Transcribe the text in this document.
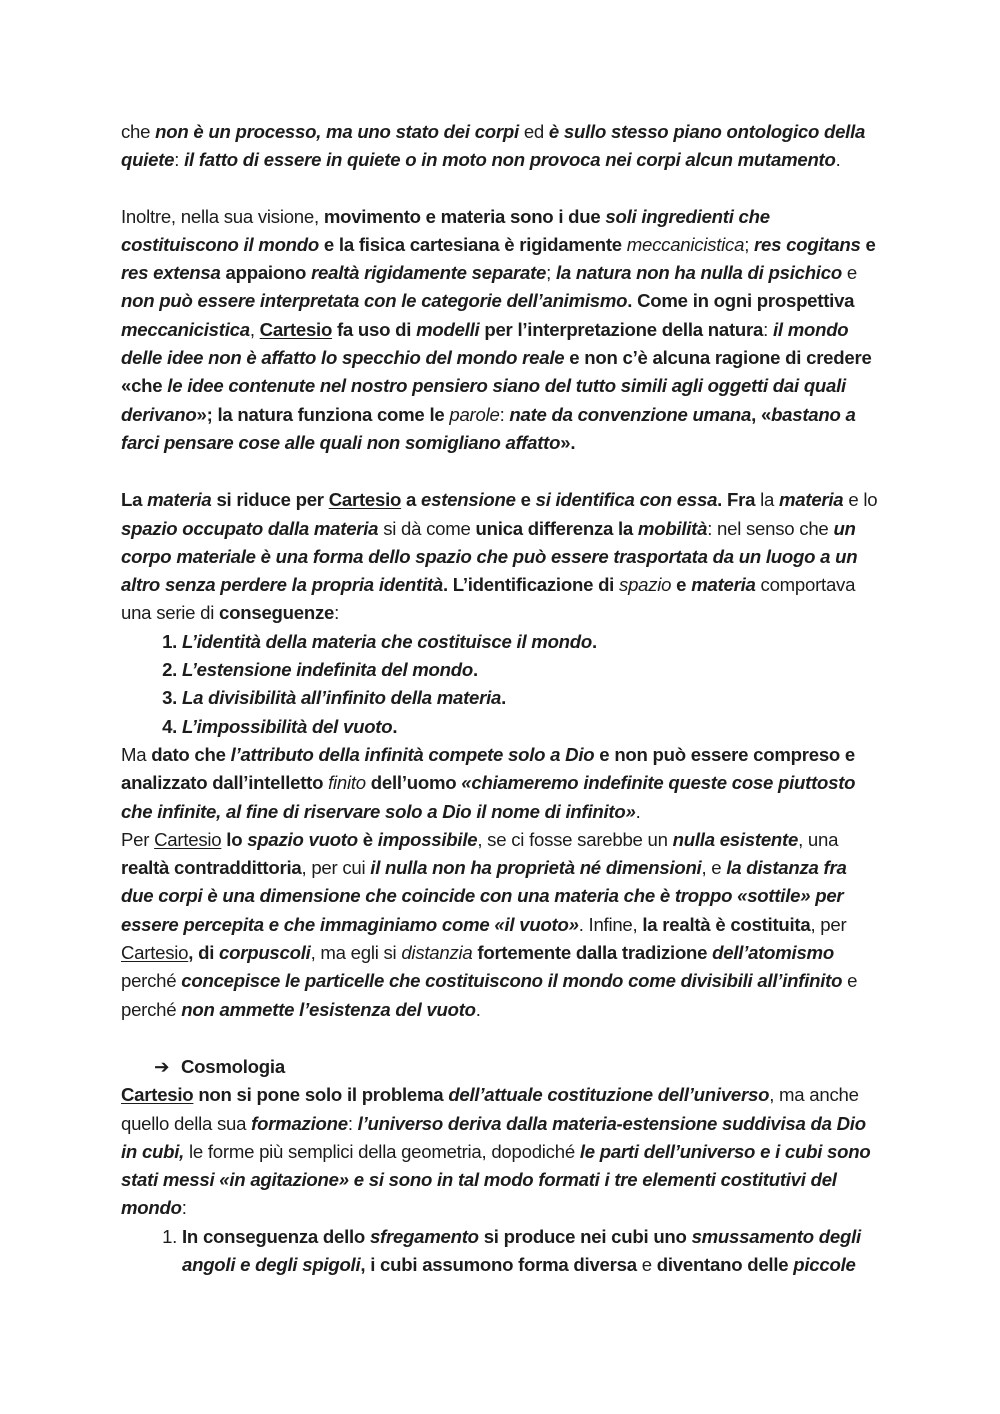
che non è un processo, ma uno stato dei corpi ed è sullo stesso piano ontologico della quiete: il fatto di essere in quiete o in moto non provoca nei corpi alcun mutamento.

Inoltre, nella sua visione, movimento e materia sono i due soli ingredienti che costituiscono il mondo e la fisica cartesiana è rigidamente meccanicistica; res cogitans e res extensa appaiono realtà rigidamente separate; la natura non ha nulla di psichico e non può essere interpretata con le categorie dell’animismo. Come in ogni prospettiva meccanicistica, Cartesio fa uso di modelli per l’interpretazione della natura: il mondo delle idee non è affatto lo specchio del mondo reale e non c’è alcuna ragione di credere «che le idee contenute nel nostro pensiero siano del tutto simili agli oggetti dai quali derivano»; la natura funziona come le parole: nate da convenzione umana, «bastano a farci pensare cose alle quali non somigliano affatto».

La materia si riduce per Cartesio a estensione e si identifica con essa. Fra la materia e lo spazio occupato dalla materia si dà come unica differenza la mobilità: nel senso che un corpo materiale è una forma dello spazio che può essere trasportata da un luogo a un altro senza perdere la propria identità. L’identificazione di spazio e materia comportava una serie di conseguenze:

1. L’identità della materia che costituisce il mondo.
2. L’estensione indefinita del mondo.
3. La divisibilità all’infinito della materia.
4. L’impossibilità del vuoto.

Ma dato che l’attributo della infinità compete solo a Dio e non può essere compreso e analizzato dall’intelletto finito dell’uomo «chiameremo indefinite queste cose piuttosto che infinite, al fine di riservare solo a Dio il nome di infinito».

Per Cartesio lo spazio vuoto è impossibile, se ci fosse sarebbe un nulla esistente, una realtà contraddittoria, per cui il nulla non ha proprietà né dimensioni, e la distanza fra due corpi è una dimensione che coincide con una materia che è troppo «sottile» per essere percepita e che immaginiamo come «il vuoto». Infine, la realtà è costituita, per Cartesio, di corpuscoli, ma egli si distanzia fortemente dalla tradizione dell’atomismo perché concepisce le particelle che costituiscono il mondo come divisibili all’infinito e perché non ammette l’esistenza del vuoto.

➔ Cosmologia

Cartesio non si pone solo il problema dell’attuale costituzione dell’universo, ma anche quello della sua formazione: l’universo deriva dalla materia-estensione suddivisa da Dio in cubi, le forme più semplici della geometria, dopodiché le parti dell’universo e i cubi sono stati messi «in agitazione» e si sono in tal modo formati i tre elementi costitutivi del mondo:

1. In conseguenza dello sfregamento si produce nei cubi uno smussamento degli angoli e degli spigoli, i cubi assumono forma diversa e diventano delle piccole
